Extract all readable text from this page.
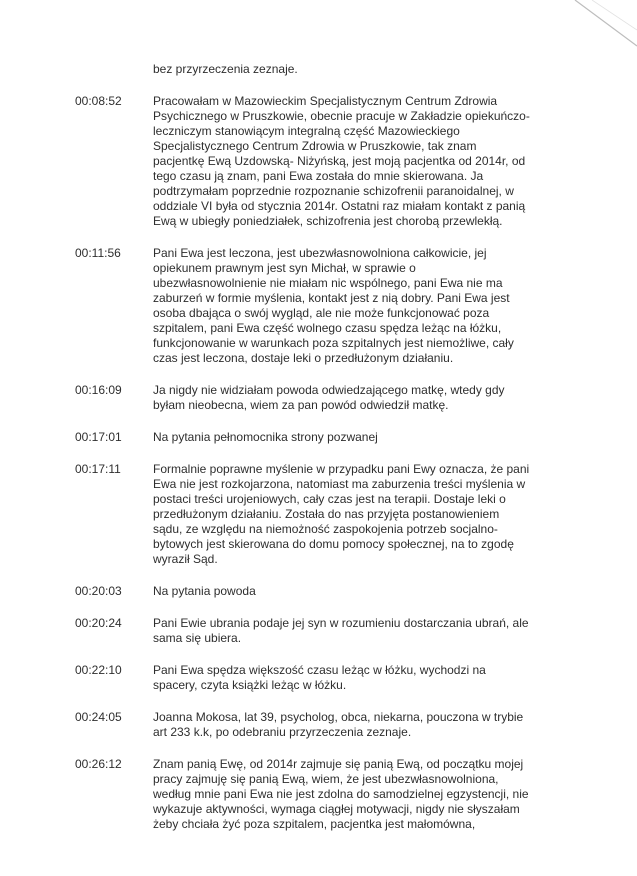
bez przyrzeczenia zeznaje.
00:08:52	Pracowałam w Mazowieckim Specjalistycznym Centrum Zdrowia
Psychicznego w Pruszkowie, obecnie pracuje w Zakładzie opiekuńczo-
leczniczym stanowiącym integralną część Mazowieckiego
Specjalistycznego Centrum Zdrowia w Pruszkowie, tak znam
pacjentkę Ewą Uzdowską- Niżyńską, jest moją pacjentka od 2014r, od
tego czasu ją znam, pani Ewa została do mnie skierowana. Ja
podtrzymałam poprzednie rozpoznanie schizofrenii paranoidalnej, w
oddziale VI była od stycznia 2014r. Ostatni raz miałam kontakt z panią
Ewą w ubiegły poniedziałek, schizofrenia jest chorobą przewlekłą.
00:11:56	Pani Ewa jest leczona, jest ubezwłasnowolniona całkowicie, jej
opiekunem prawnym jest syn Michał, w sprawie o
ubezwłasnowolnienie nie miałam nic wspólnego, pani Ewa nie ma
zaburzeń w formie myślenia, kontakt jest z nią dobry. Pani Ewa jest
osoba dbająca o swój wygląd, ale nie może funkcjonować poza
szpitalem, pani Ewa część wolnego czasu spędza leżąc na łóżku,
funkcjonowanie w warunkach poza szpitalnych jest niemożliwe, cały
czas jest leczona, dostaje leki o przedłużonym działaniu.
00:16:09	Ja nigdy nie widziałam powoda odwiedzającego matkę, wtedy gdy
byłam nieobecna, wiem za pan powód odwiedził matkę.
00:17:01	Na pytania pełnomocnika strony pozwanej
00:17:11	Formalnie poprawne myślenie w przypadku pani Ewy oznacza, że pani
Ewa nie jest rozkojarzona, natomiast ma zaburzenia treści myślenia w
postaci treści urojeniowych, cały czas jest na terapii. Dostaje leki o
przedłużonym działaniu. Została do nas przyjęta postanowieniem
sądu, ze względu na niemożność zaspokojenia potrzeb socjalno-
bytowych jest skierowana do domu pomocy społecznej, na to zgodę
wyraził Sąd.
00:20:03	Na pytania powoda
00:20:24	Pani Ewie ubrania podaje jej syn w rozumieniu dostarczania ubrań, ale
sama się ubiera.
00:22:10	Pani Ewa spędza większość czasu leżąc w łóżku, wychodzi na
spacery, czyta książki leżąc w łóżku.
00:24:05	Joanna Mokosa, lat 39, psycholog, obca, niekarna, pouczona w trybie
art 233 k.k, po odebraniu przyrzeczenia zeznaje.
00:26:12	Znam panią Ewę, od 2014r zajmuje się panią Ewą, od początku mojej
pracy zajmuję się panią Ewą, wiem, że jest ubezwłasnowolniona,
według mnie pani Ewa nie jest zdolna do samodzielnej egzystencji, nie
wykazuje aktywności, wymaga ciągłej motywacji, nigdy nie słyszałam
żeby chciała żyć poza szpitalem, pacjentka jest małomówna,
